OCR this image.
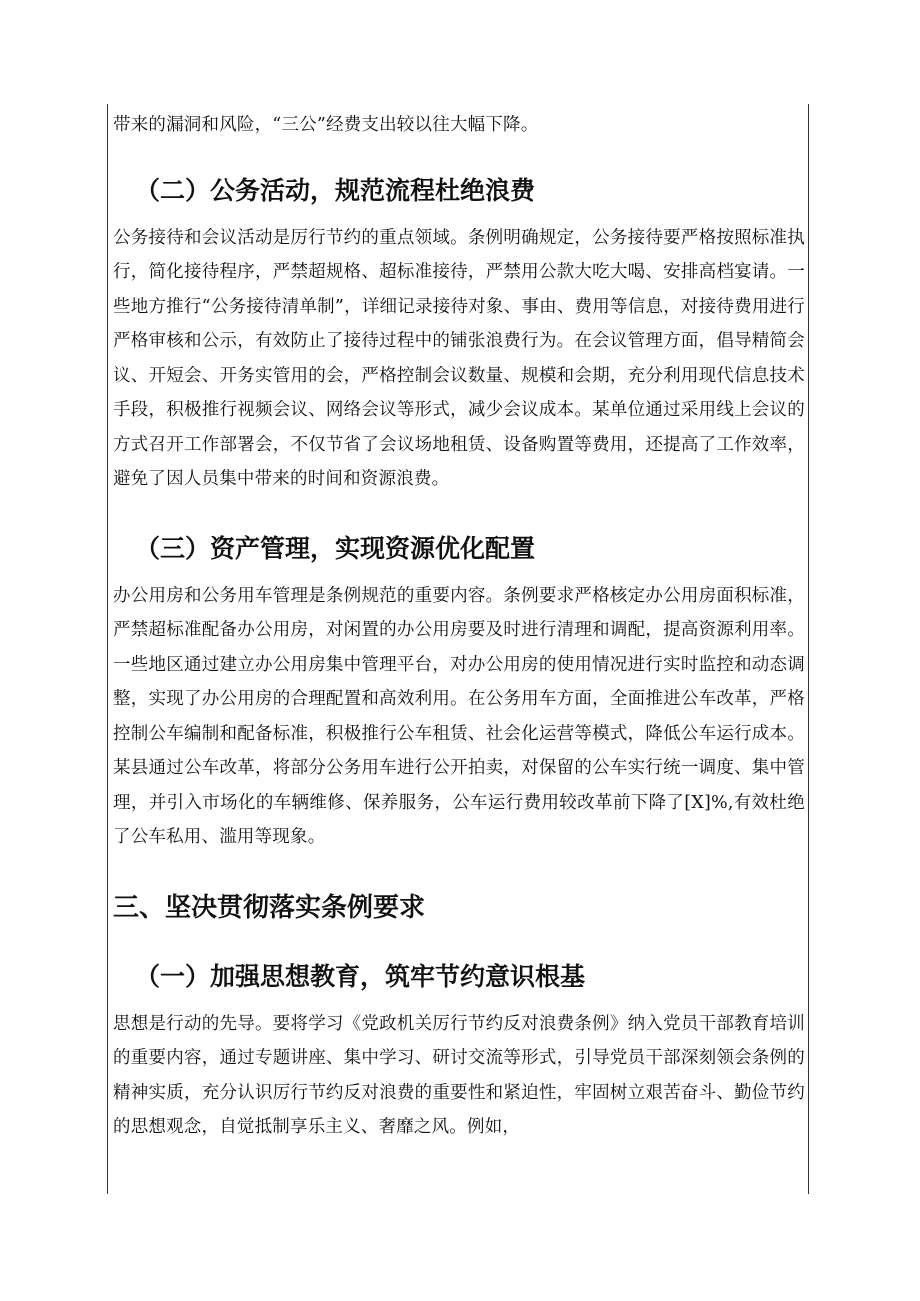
带来的漏洞和风险，“三公”经费支出较以往大幅下降。

（二）公务活动，规范流程杜绝浪费

公务接待和会议活动是厉行节约的重点领域。条例明确规定，公务接待要严格按照标准执行，简化接待程序，严禁超规格、超标准接待，严禁用公款大吃大喝、安排高档宴请。一些地方推行“公务接待清单制”，详细记录接待对象、事由、费用等信息，对接待费用进行严格审核和公示，有效防止了接待过程中的铺张浪费行为。在会议管理方面，倡导精简会议、开短会、开务实管用的会，严格控制会议数量、规模和会期，充分利用现代信息技术手段，积极推行视频会议、网络会议等形式，减少会议成本。某单位通过采用线上会议的方式召开工作部署会，不仅节省了会议场地租赁、设备购置等费用，还提高了工作效率，避免了因人员集中带来的时间和资源浪费。

（三）资产管理，实现资源优化配置

办公用房和公务用车管理是条例规范的重要内容。条例要求严格核定办公用房面积标准，严禁超标准配备办公用房，对闲置的办公用房要及时进行清理和调配，提高资源利用率。一些地区通过建立办公用房集中管理平台，对办公用房的使用情况进行实时监控和动态调整，实现了办公用房的合理配置和高效利用。在公务用车方面，全面推进公车改革，严格控制公车编制和配备标准，积极推行公车租赁、社会化运营等模式，降低公车运行成本。某县通过公车改革，将部分公务用车进行公开拍卖，对保留的公车实行统一调度、集中管理，并引入市场化的车辆维修、保养服务，公车运行费用较改革前下降了[X]%,有效杜绝了公车私用、滥用等现象。

三、坚决贯彻落实条例要求
（一）加强思想教育，筑牢节约意识根基

思想是行动的先导。要将学习《党政机关厉行节约反对浪费条例》纳入党员干部教育培训的重要内容，通过专题讲座、集中学习、研讨交流等形式，引导党员干部深刻领会条例的精神实质，充分认识厉行节约反对浪费的重要性和紧迫性，牢固树立艰苦奋斗、勤俭节约的思想观念，自觉抵制享乐主义、奢靡之风。例如，
